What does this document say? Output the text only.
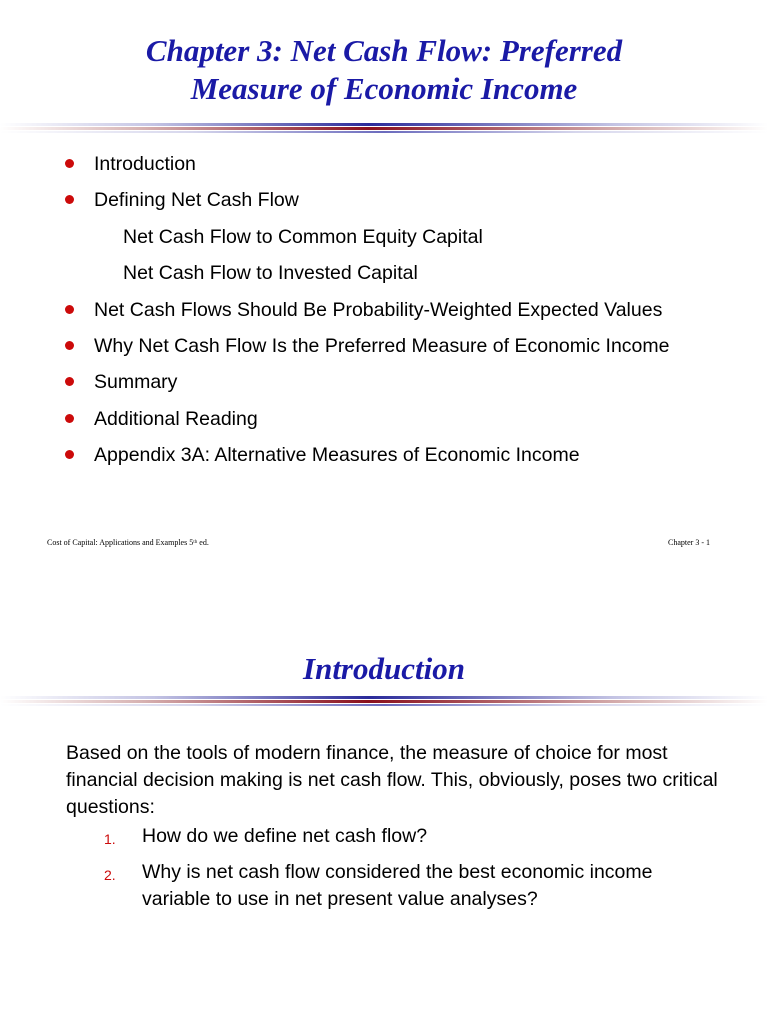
Chapter 3: Net Cash Flow: Preferred
Measure of Economic Income
Introduction
Defining Net Cash Flow
Net Cash Flow to Common Equity Capital
Net Cash Flow to Invested Capital
Net Cash Flows Should Be Probability-Weighted Expected Values
Why Net Cash Flow Is the Preferred Measure of Economic Income
Summary
Additional Reading
Appendix 3A: Alternative Measures of Economic Income
Cost of Capital: Applications and Examples 5ᵗʰ ed.	Chapter 3 - 1
Introduction

Based on the tools of modern finance, the measure of choice for most financial decision making is net cash flow. This, obviously, poses two critical questions:

1. How do we define net cash flow?
2. Why is net cash flow considered the best economic income variable to use in net present value analyses?
